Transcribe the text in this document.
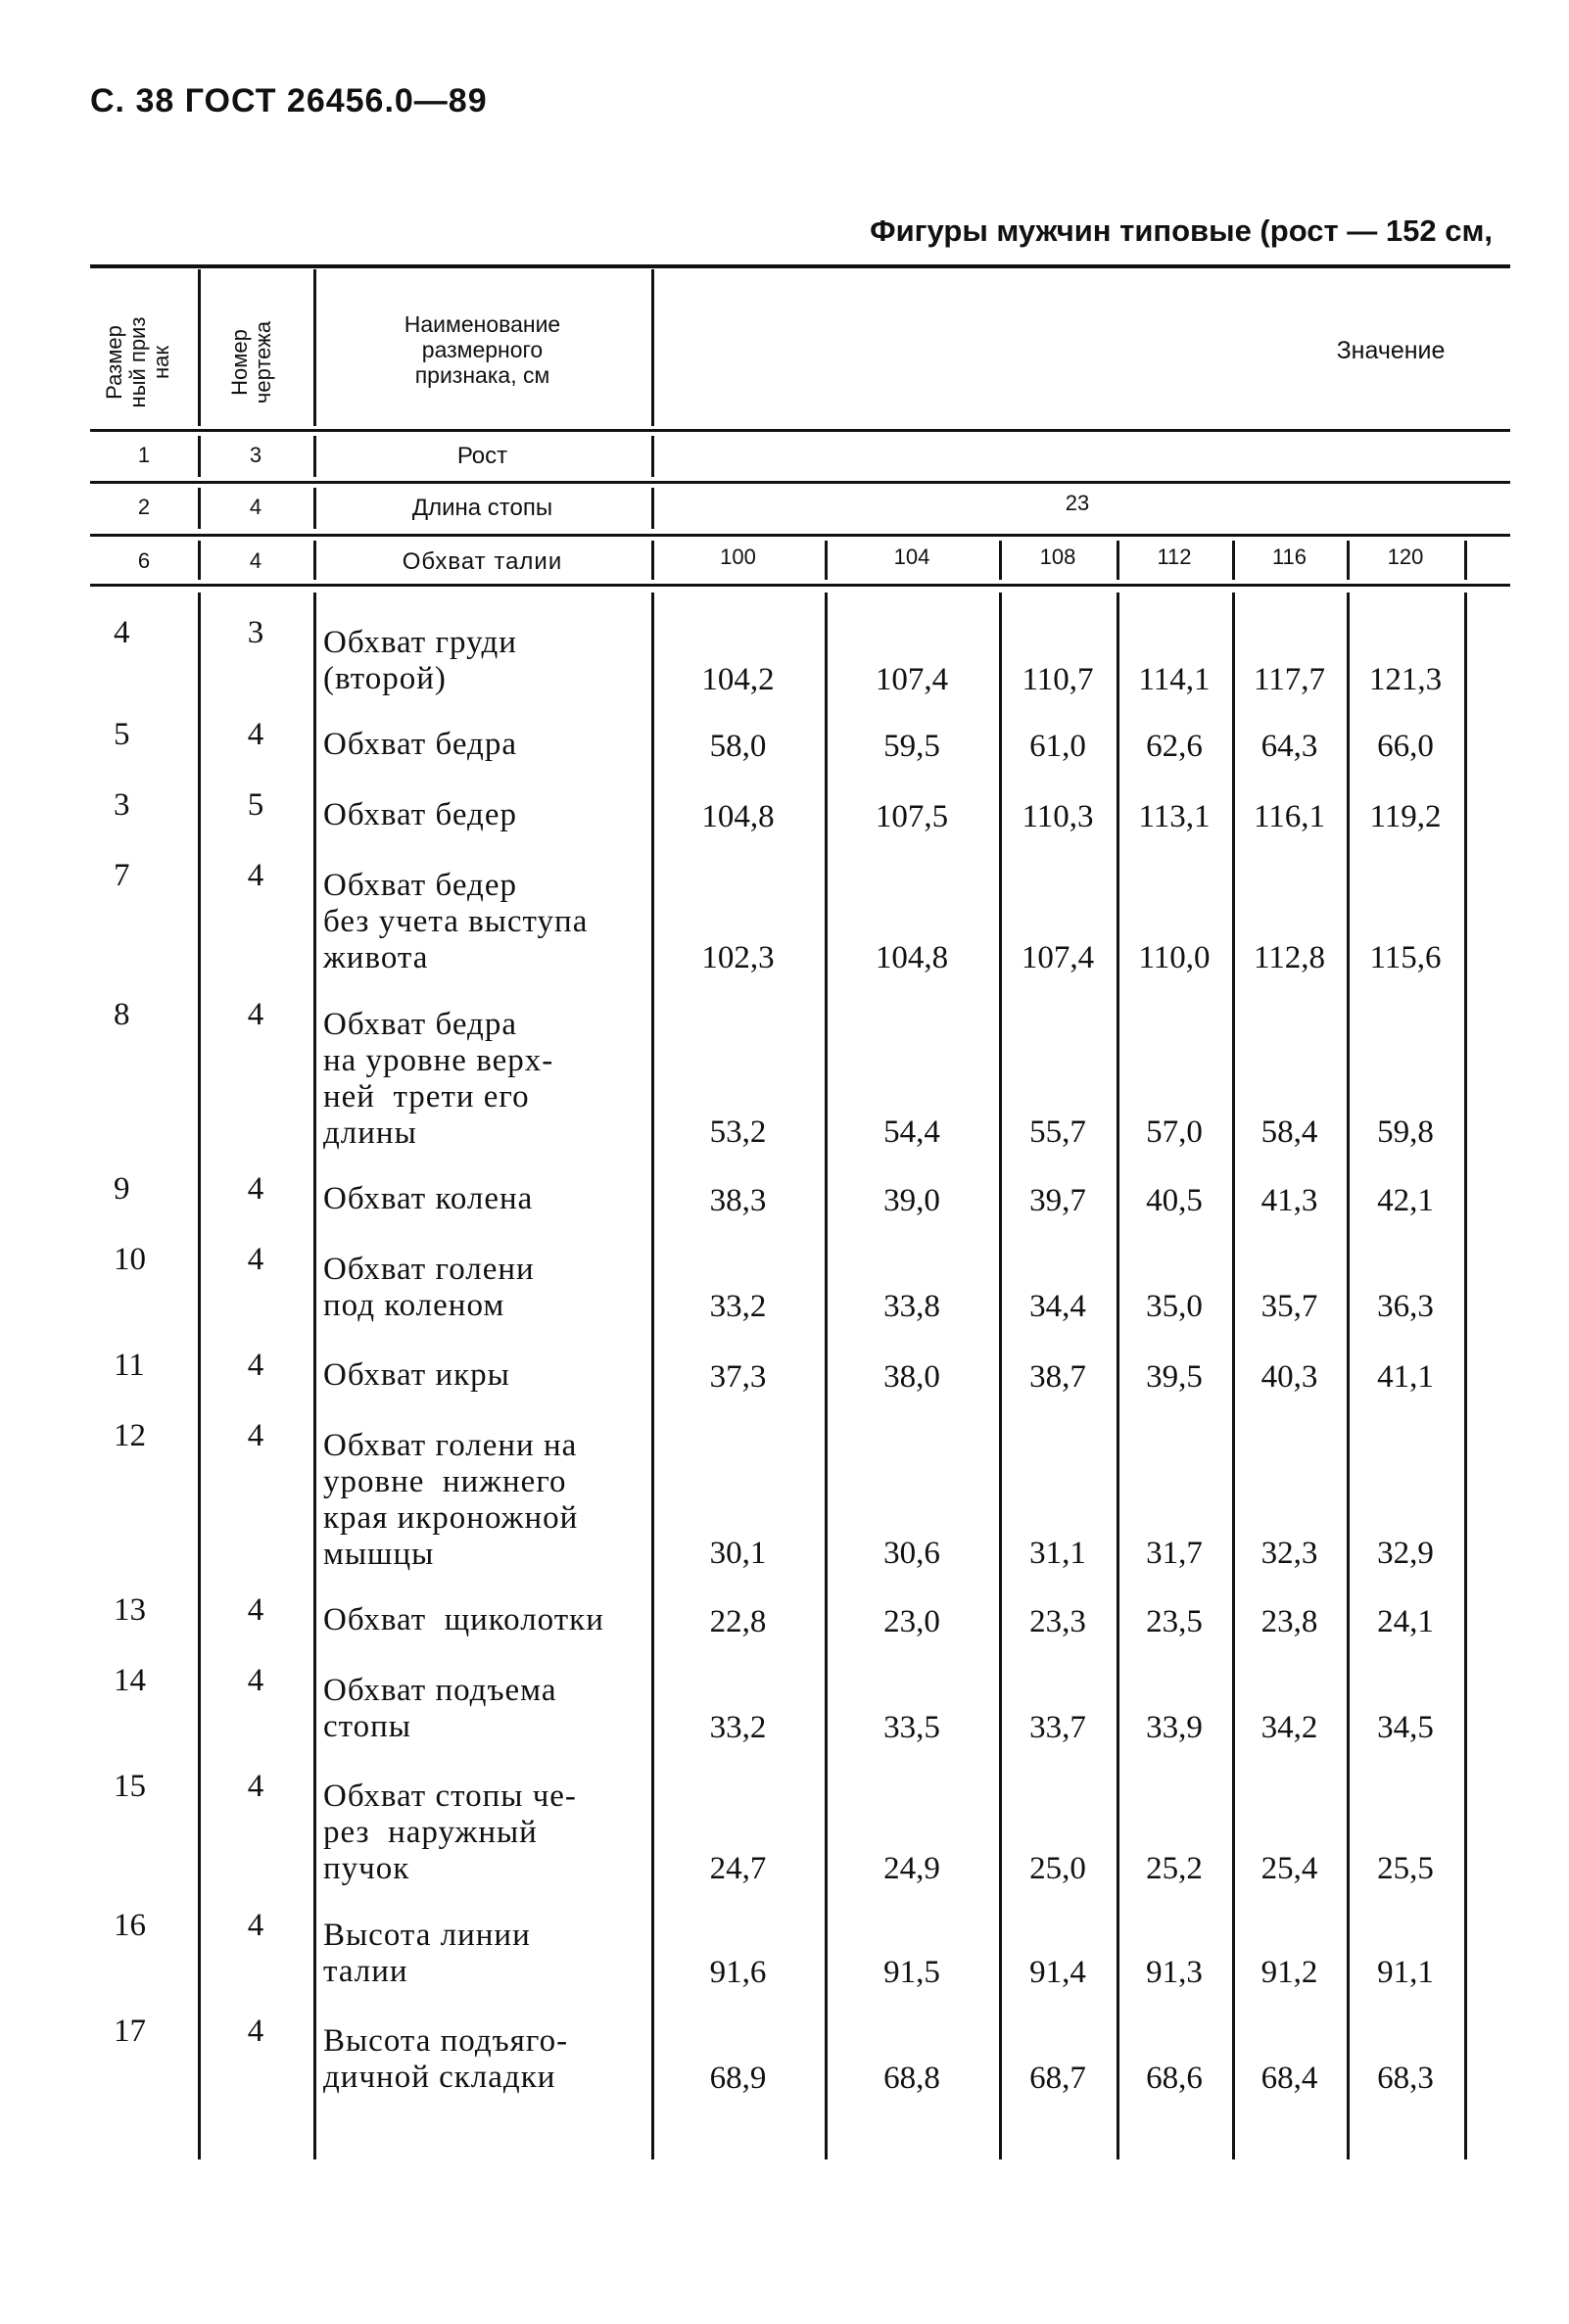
С. 38 ГОСТ 26456.0—89
Фигуры мужчин типовые (рост — 152 см,
Размер
ный приз
нак	Номер
чертежа	Наименование
размерного
признака, см
Значение
1	3	Рост
2	4	Длина стопы	23
6	4	Обхват талии	100	104	108	112	116	120
4	3	Обхват груди
(второй)	104,2	107,4	110,7	114,1	117,7	121,3
5	4	Обхват бедра	58,0	59,5	61,0	62,6	64,3	66,0
3	5	Обхват бедер	104,8	107,5	110,3	113,1	116,1	119,2
7	4	Обхват бедер
без учета выступа
живота	102,3	104,8	107,4	110,0	112,8	115,6
8	4	Обхват бедра
на уровне верх-
ней  трети его
длины	53,2	54,4	55,7	57,0	58,4	59,8
9	4	Обхват колена	38,3	39,0	39,7	40,5	41,3	42,1
10	4	Обхват голени
под коленом	33,2	33,8	34,4	35,0	35,7	36,3
11	4	Обхват икры	37,3	38,0	38,7	39,5	40,3	41,1
12	4	Обхват голени на
уровне  нижнего
края икроножной
мышцы	30,1	30,6	31,1	31,7	32,3	32,9
13	4	Обхват  щиколотки	22,8	23,0	23,3	23,5	23,8	24,1
14	4	Обхват подъема
стопы	33,2	33,5	33,7	33,9	34,2	34,5
15	4	Обхват стопы че-
рез  наружный
пучок	24,7	24,9	25,0	25,2	25,4	25,5
16	4	Высота линии
талии	91,6	91,5	91,4	91,3	91,2	91,1
17	4	Высота подъяго-
дичной складки	68,9	68,8	68,7	68,6	68,4	68,3
